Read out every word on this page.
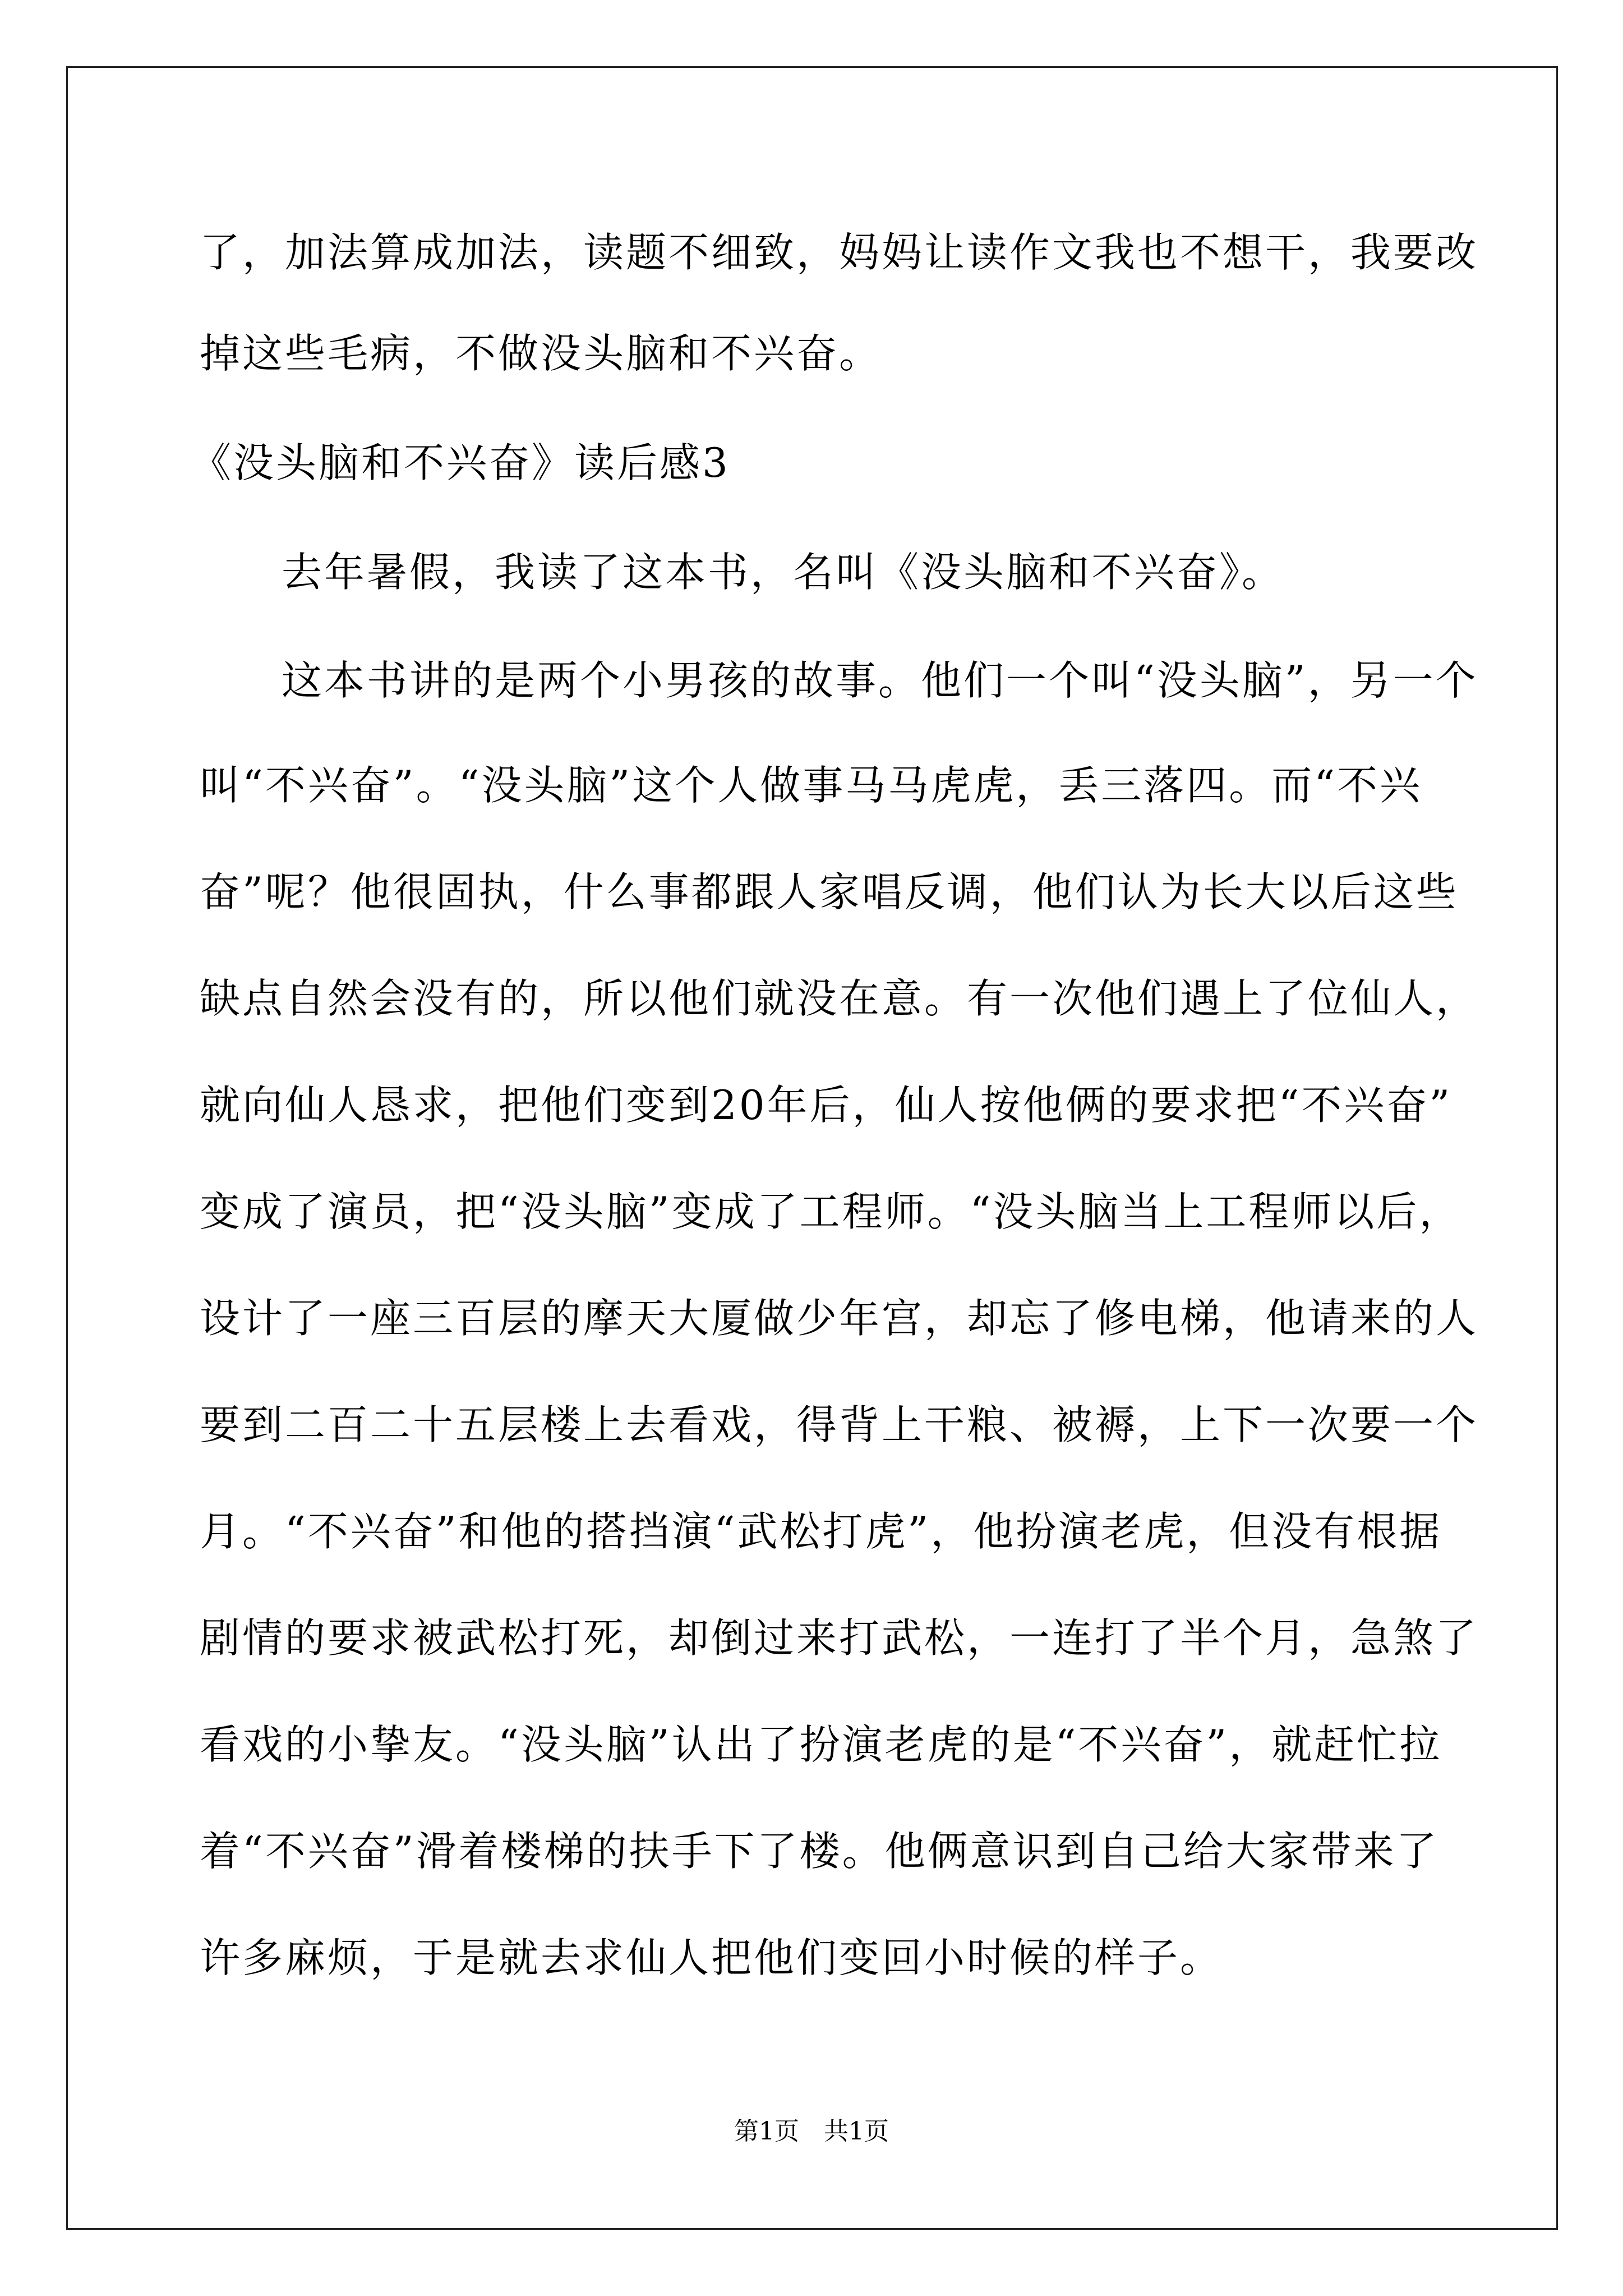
了，加法算成加法，读题不细致，妈妈让读作文我也不想干，我要改
掉这些毛病，不做没头脑和不兴奋。
《没头脑和不兴奋》读后感3
去年暑假，我读了这本书，名叫《没头脑和不兴奋》。
这本书讲的是两个小男孩的故事。他们一个叫“没头脑”，另一个
叫“不兴奋”。“没头脑”这个人做事马马虎虎，丢三落四。而“不兴
奋”呢？他很固执，什么事都跟人家唱反调，他们认为长大以后这些
缺点自然会没有的，所以他们就没在意。有一次他们遇上了位仙人，
就向仙人恳求，把他们变到20年后，仙人按他俩的要求把“不兴奋”
变成了演员，把“没头脑”变成了工程师。“没头脑当上工程师以后，
设计了一座三百层的摩天大厦做少年宫，却忘了修电梯，他请来的人
要到二百二十五层楼上去看戏，得背上干粮、被褥，上下一次要一个
月。“不兴奋”和他的搭挡演“武松打虎”，他扮演老虎，但没有根据
剧情的要求被武松打死，却倒过来打武松，一连打了半个月，急煞了
看戏的小挚友。“没头脑”认出了扮演老虎的是“不兴奋”，就赶忙拉
着“不兴奋”滑着楼梯的扶手下了楼。他俩意识到自己给大家带来了
许多麻烦，于是就去求仙人把他们变回小时候的样子。
第1页　共1页
